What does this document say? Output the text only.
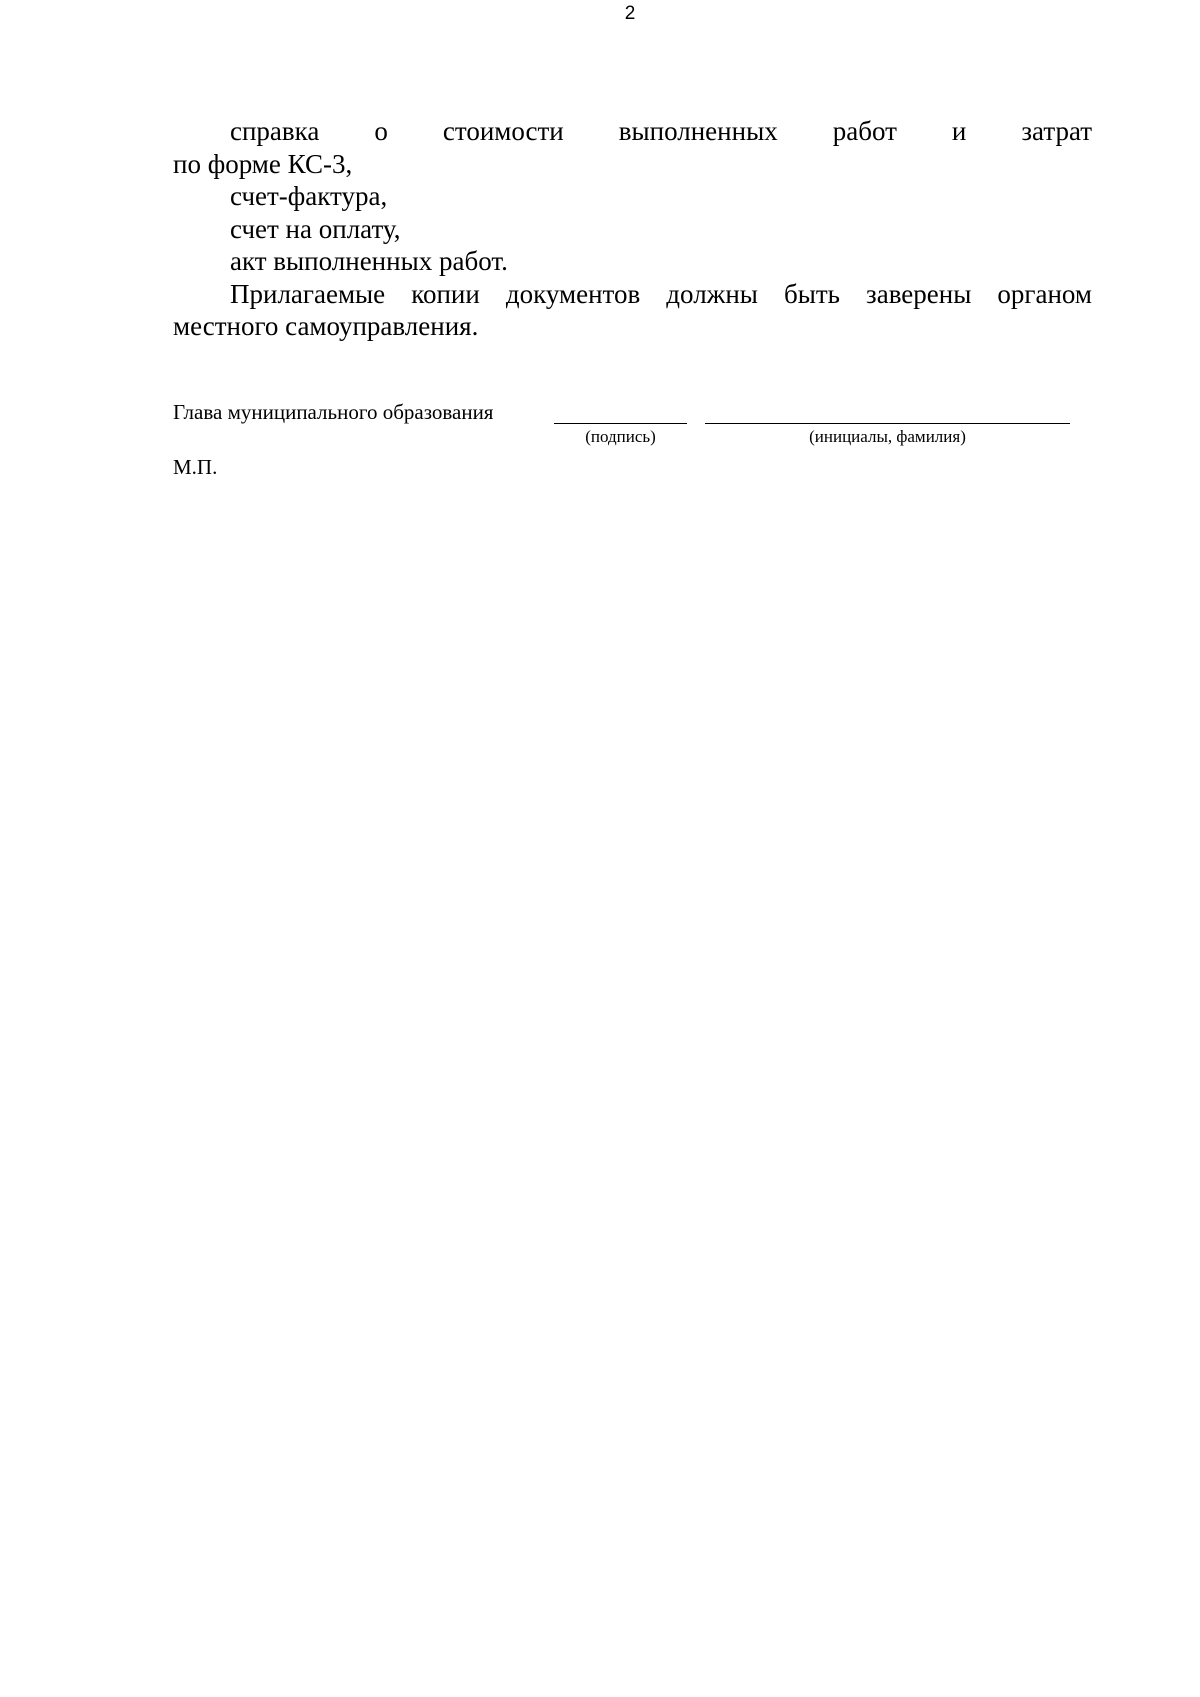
2
справка о стоимости выполненных работ и затрат
по форме КС-3,
счет-фактура,
счет на оплату,
акт выполненных работ.
Прилагаемые копии документов должны быть заверены органом
местного самоуправления.
Глава муниципального образования
(подпись)	(инициалы, фамилия)
М.П.
